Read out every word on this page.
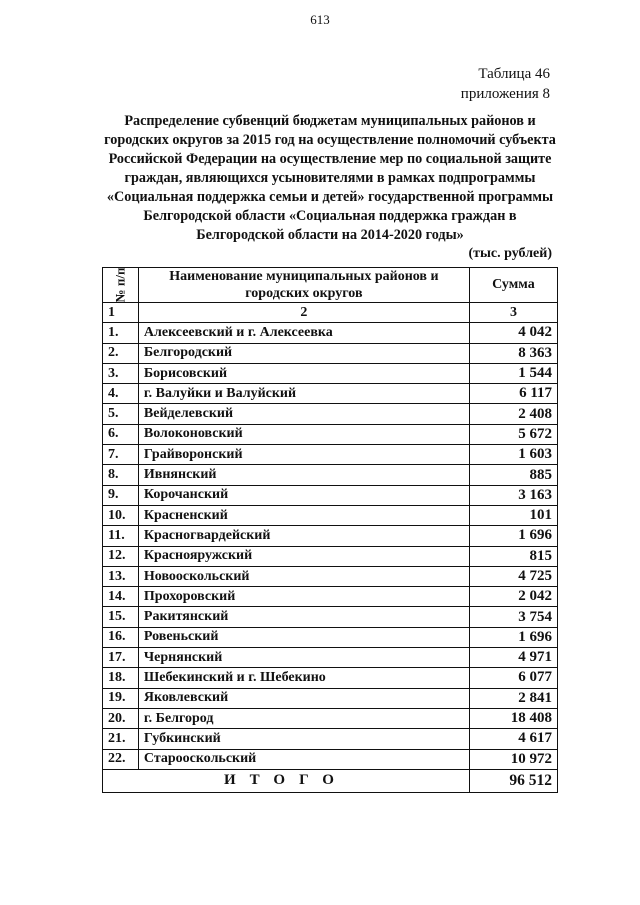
613
Таблица 46
приложения 8
Распределение субвенций бюджетам муниципальных районов и городских округов за 2015 год на осуществление полномочий субъекта Российской Федерации на осуществление мер по социальной защите граждан, являющихся усыновителями в рамках подпрограммы «Социальная поддержка семьи и детей» государственной программы Белгородской области «Социальная поддержка граждан в Белгородской области на 2014-2020 годы»
(тыс. рублей)
№ п/п	Наименование муниципальных районов и городских округов	Сумма
1	2	3
1.	Алексеевский и г. Алексеевка	4 042
2.	Белгородский	8 363
3.	Борисовский	1 544
4.	г. Валуйки и Валуйский	6 117
5.	Вейделевский	2 408
6.	Волоконовский	5 672
7.	Грайворонский	1 603
8.	Ивнянский	885
9.	Корочанский	3 163
10.	Красненский	101
11.	Красногвардейский	1 696
12.	Краснояружский	815
13.	Новооскольский	4 725
14.	Прохоровский	2 042
15.	Ракитянский	3 754
16.	Ровеньский	1 696
17.	Чернянский	4 971
18.	Шебекинский и г. Шебекино	6 077
19.	Яковлевский	2 841
20.	г. Белгород	18 408
21.	Губкинский	4 617
22.	Старооскольский	10 972
ИТОГО		96 512
